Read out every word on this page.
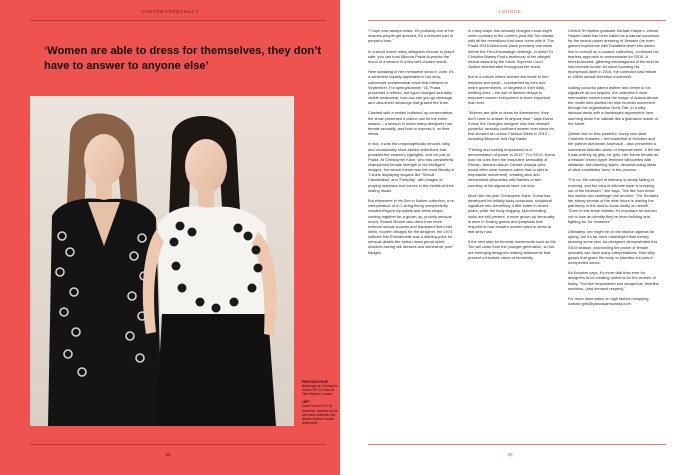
CONTENT/SPECIALLY
‘Women are able to dress for themselves, they don’t have to answer to anyone else’
PREVIOUS PAGE
Backstage at Christopher Kane's S/S 15 show at Tate Modern, London
LEFT
David Koma's S/S 15 collection, inspired by the cinematic aesthetic and female director Hedda Aldrovandi
58
LOUNGE

"I hope new always exists. It's probably one of the reasons people get dressed, it's a relevant part of people's lives."

In a world where many designers choose to play it safe, you can trust Miuccia Prada to predict the mood of a season in a few well-chosen words.

Here speaking of her menswear show in June, it's a sentiment equally applicable to her sexy, subversive womenswear show that followed in September. For spring/summer '15, Prada presented a refined, but hyper-charged sexuality: visible underwear, how-low-can-you-go cleavage, and ultra-sheer stockings that grazed the knee.

Clashed with a certain buttoned-up conservatism, the show presented a clarion call for the entire season – a season in which many designers had female sexuality, and how to express it, on their minds.

In fact, it was the unapologetically smooth, silky, and occasionally short-skirted collections that provided the season's highlights, and not just at Prada. At Christopher Kane, who has consistently championed female strength in his intelligent designs, the sexual theme was felt most literally in T-shirts displaying slogans like 'Sexual Cannibalism' and 'Foreplay', with images of praying mantises and horses in the middle of their mating rituals.

But elsewhere in his Sex in Nature collection, a re-interpretation of a C-string thong unexpectedly created elegant zip waists and dress straps, coming together for a grown-up, proudly sensual mood. Roland Mouret also drew from more extreme sexual sources and translated them into sleek, modern designs for the designer, the 1974 softcore film Emmanuelle was a starting-point for sensual details like button down pencil skirts, shoulder-baring silk dresses and somewhat 'porn' badges.

In many ways, this sexually charged mood might seem contrary to the current, post-Me Too climate, with all the revelations that have come with it. The Prada SS18 show took place precisely one week before the Ford-Kavanaugh hearings, in which Dr Christine Blasey Ford's testimony of the alleged sexual assault by the future Supreme Court Justice reverberated throughout the world.

But in a culture where women are made to feel helpless and small – bombarded by men and entire governments, or targeted in their daily, working lives – the use of fashion design to empower women everywhere is more important than ever.

"Women are able to dress for themselves, they don't have to answer to anyone else," says David Koma, the Georgian designer who has dressed powerful, sexually confident women ever since his first showed at London Fashion Week in 2010 – including Beyoncé and Gigi Hadid.

"Feeling and looking empowered is a demonstration of power in 2019." For SS19, Koma took his cues from the masculine sensuality of Roman, famous dancer Carmen Amaya (who would often wear trousers rather than a skirt to emphasise movement), creating slick and streamlined silhouettes with flashes of skin courtesy of his signature laser cut outs.

Much like his peer Christopher Kane, Koma has developed his initially body-conscious, sculptural signature into something a little softer in recent years; while the body-hugging, skin-revealing looks are still present, a more grown-up sensuality is seen in flowing gowns and jumpsuits that respond to how modern women want to dress to feel sexy now.

If the next step for feminist movements such as Me Too will come from the younger generation, so too are emerging designers making statements that present a futuristic vision of femininity.

Central St Martins graduate Michael Halpern, whose Halpern label has been hailed as a natural successor for the sexual power dressing of Versace (he even gained experience with Donatella when she asked him to consult on a couture collection), continued his fearless approach to womenswear for SS19. A technicoloured, glittering extravaganza of the kind he has become known for since founding his eponymous label in 2016, the collection paid tribute to 1960s sexual liberation movement.

Adding colourful patent leather and denim to his signature all-out sequins, the collection's most memorable moment was the image of Adwoa Aboah, the model who started her own feminist movement through her organisation Gurls Talk, in a silky rainbow dress with a flamboyant asymmetric hem, storming down the catwalk like a glamazon leader of the future.

Quieter but no less powerful, buzzy new label Charlotte Knowles – the brainchild of Knowles and her partner Alexandre Arsenault – also presented a somewhat futuristic vision of empowerment. It felt like it was entirely by girls, for girls. Her 'future female as a mission' mixed hyper-feminine silhouettes with utilitarian, skin-flashing styles, deconstructing ideas of what constitutes 'sexy' in the process.

"For us, the concept of intimacy is slowly fading or evolving, and the idea of intimate wear is creeping out of the bedroom," she says. "We like how these two worlds can challenge one another." For Knowles, her strong woman of the near future is leaving the patriarchy in the dust to focus totally on herself. "Even in this tense climate, it's important for women not to lose an identity they've been building and fighting for, for centuries."

Ultimately, sex might be on the fashion agenda for spring, but it's far more meaningful than merely showing some skin. As designers demonstrated this SS19 season, channelling the power of female sexuality can have many interpretations: from silky gowns that grace the body, to futuristic cut-outs in unexpected zones.

As Knowles says, it's more vital than ever for designers to be creating uniforms for the women of today. "Hot feel empowered and dangerous, redefine sexiness, (and demand respect)."

For more information on high fashion shopping, contact girls@yahoosamsonsky.com

59
